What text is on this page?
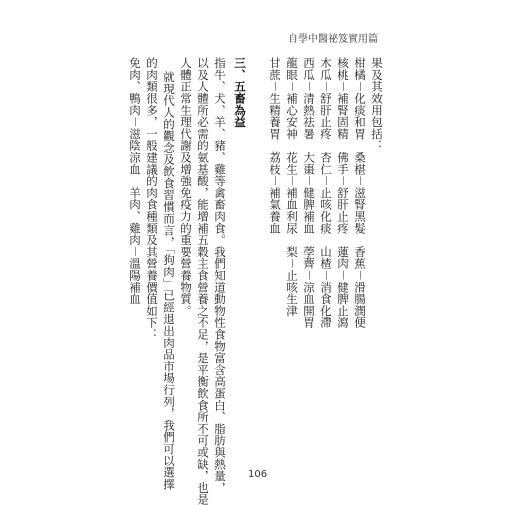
自學中醫祕笈實用篇
果及其效用包括：
柑橘－化痰和胃　桑椹－滋腎黑髮　香蕉－滑腸潤便
核桃－補腎固精　佛手－舒肝止疼　蓮肉－健脾止瀉
木瓜－舒肝止疼　杏仁－止咳化痰　山楂－消食化滯
西瓜－清熱祛暑　大棗－健脾補血　荸薺－涼血開胃
龍眼－補心安神　花生－補血利尿　梨－止咳生津
甘蔗－生精養胃　荔枝－補氣養血
三、五畜為益
指牛、犬、羊、豬、雞等禽畜肉食。我們知道動物性食物富含高蛋白、脂肪與熱量，
以及人體所必需的氨基酸，能增補五穀主食營養之不足，是平衡飲食所不可或缺，也是
人體正常生理代謝及增強免疫力的重要營養物質。
就現代人的觀念及飲食習慣而言，「狗肉」已經退出肉品市場行列，我們可以選擇
的肉類很多，一般建議的肉食種類及其營養價值如下：
免肉、鴨肉－滋陰涼血　羊肉、雞肉－溫陽補血
106
